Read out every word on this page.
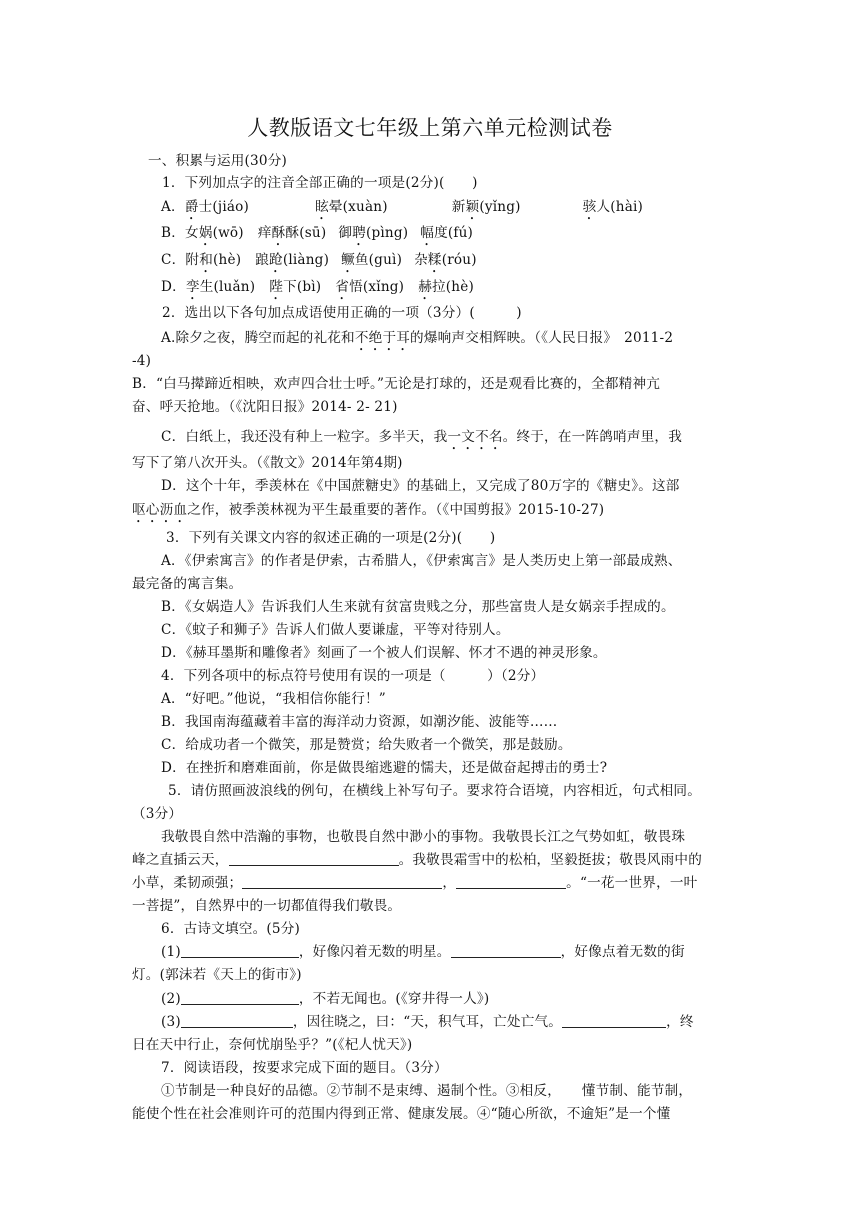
人教版语文七年级上第六单元检测试卷
一、积累与运用(30分)
1．下列加点字的注音全部正确的一项是(2分)(　　)
A．爵士(jiáo)	眩晕(xuàn)	新颖(yǐng)	骇人(hài)
B．女娲(wō) 痒酥酥(sū) 御聘(pìng) 幅度(fú)
C．附和(hè) 踉跄(liàng) 鳜鱼(guì) 杂糅(róu)
D．孪生(luǎn) 陛下(bì) 省悟(xǐng) 赫拉(hè)
2．选出以下各句加点成语使用正确的一项（3分）(　　　)
A.除夕之夜，腾空而起的礼花和不绝于耳的爆响声交相辉映。（《人民日报》　2011-2
-4)
B．“白马撵蹄近相映，欢声四合壮士呼。”无论是打球的，还是观看比赛的，全都精神亢
奋、呼天抢地。（《沈阳日报》2014- 2- 21)
C．白纸上，我还没有种上一粒字。多半天，我一文不名。终于，在一阵鸽哨声里，我
写下了第八次开头。（《散文》2014年第4期)
D．这个十年，季羡林在《中国蔗糖史》的基础上，又完成了80万字的《糖史》。这部
呕心沥血之作，被季羡林视为平生最重要的著作。（《中国剪报》2015-10-27)
3．下列有关课文内容的叙述正确的一项是(2分)(　　)
A．《伊索寓言》的作者是伊索，古希腊人，《伊索寓言》是人类历史上第一部最成熟、
最完备的寓言集。
B．《女娲造人》告诉我们人生来就有贫富贵贱之分，那些富贵人是女娲亲手捏成的。
C．《蚊子和狮子》告诉人们做人要谦虚，平等对待别人。
D．《赫耳墨斯和雕像者》刻画了一个被人们误解、怀才不遇的神灵形象。
4．下列各项中的标点符号使用有误的一项是（　　　）（2分）
A．“好吧。”他说，“我相信你能行！”
B．我国南海蕴藏着丰富的海洋动力资源，如潮汐能、波能等……
C．给成功者一个微笑，那是赞赏；给失败者一个微笑，那是鼓励。
D．在挫折和磨难面前，你是做畏缩逃避的懦夫，还是做奋起搏击的勇士?
5．请仿照画波浪线的例句，在横线上补写句子。要求符合语境，内容相近，句式相同。
（3分）
我敬畏自然中浩瀚的事物，也敬畏自然中渺小的事物。我敬畏长江之气势如虹，敬畏珠
峰之直插云天，	。我敬畏霜雪中的松柏，坚毅挺拔；敬畏风雨中的
小草，柔韧顽强；	，	。“一花一世界，一叶
一菩提”，自然界中的一切都值得我们敬畏。
6．古诗文填空。(5分)
(1)	，好像闪着无数的明星。	，好像点着无数的街
灯。(郭沫若《天上的街市》)
(2)	，不若无闻也。(《穿井得一人》)
(3)	，因往晓之，曰：“天，积气耳，亡处亡气。	，终
日在天中行止，奈何忧崩坠乎？”(《杞人忧天》)
7．阅读语段，按要求完成下面的题目。（3分）
①节制是一种良好的品德。②节制不是束缚、遏制个性。③相反，　　懂节制、能节制，
能使个性在社会准则许可的范围内得到正常、健康发展。④“随心所欲，不逾矩”是一个懂
